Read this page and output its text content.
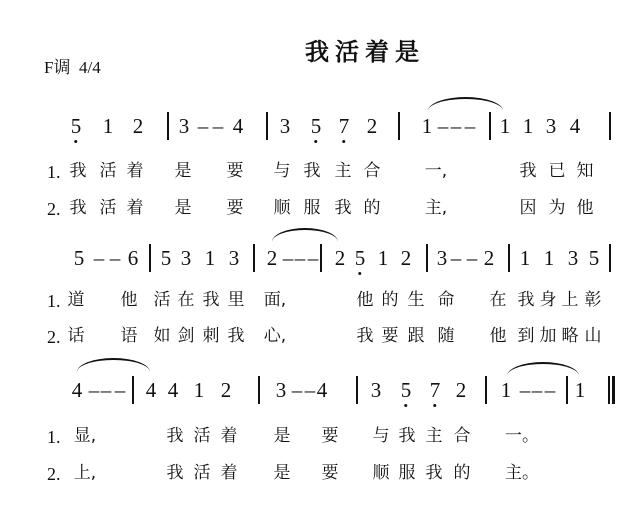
我活着是
F调 4/4
5 1 2 3 – – 4 3 5 7 2 1 – – – 1 1 3 4
1. 我 活 着 是 要 与 我 主 合	一,	我 已 知
2. 我 活 着 是 要 顺 服 我 的	主,	因 为 他
5 – – 6 5 3 1 3 2 – – – 2 5 1 2 3 – – 2 1 1 3 5
1. 道 他 活 在 我 里 面,	他 的 生 命 在 我 身 上 彰
2. 话 语 如 剑 刺 我 心,	我 要 跟 随 他 到 加 略 山
4 – – – 4 4 1 2 3 – – 4 3 5 7 2 1 – – – 1
1. 显,	我 活 着 是 要 与 我 主 合 一。
2. 上,	我 活 着 是 要 顺 服 我 的 主。
